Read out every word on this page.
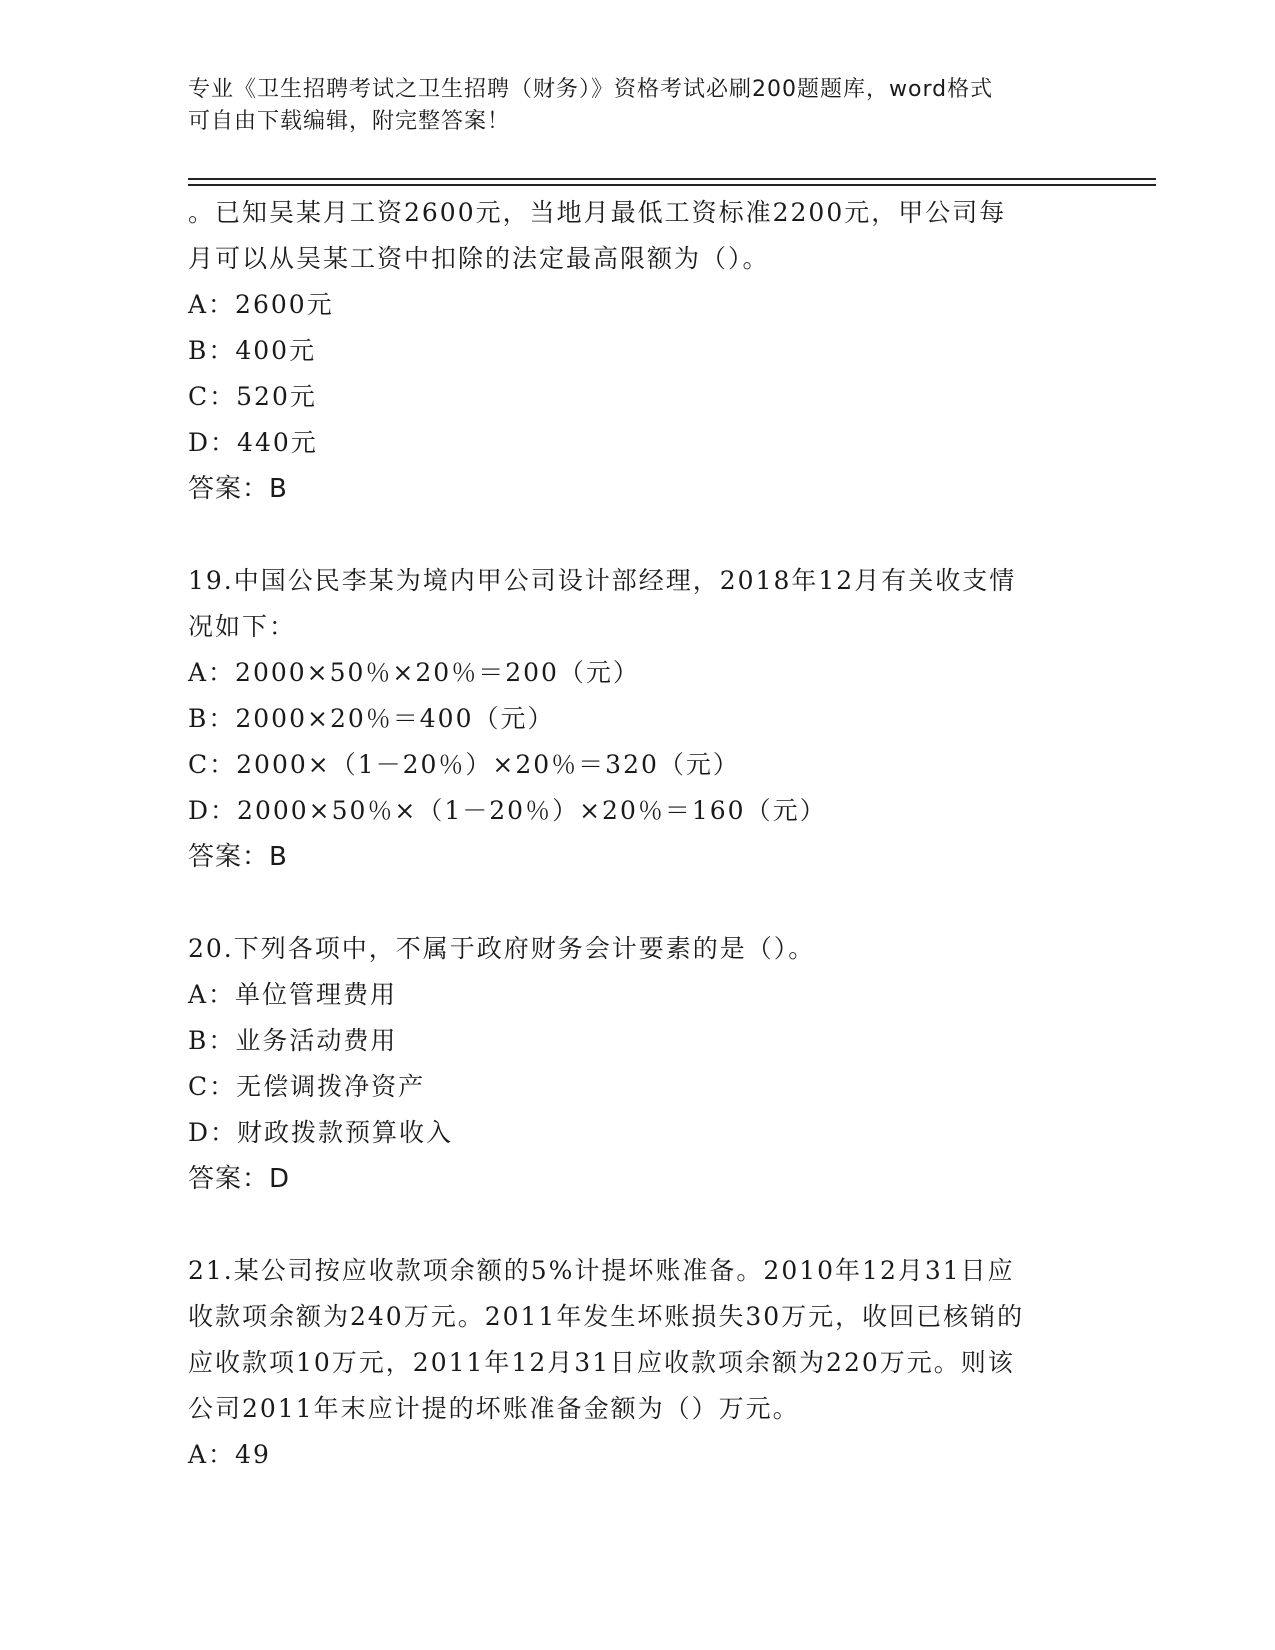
专业《卫生招聘考试之卫生招聘（财务）》资格考试必刷200题题库，word格式
可自由下载编辑，附完整答案！
。已知吴某月工资2600元，当地月最低工资标准2200元，甲公司每
月可以从吴某工资中扣除的法定最高限额为（）。
A：2600元
B：400元
C：520元
D：440元
答案：B
19.中国公民李某为境内甲公司设计部经理，2018年12月有关收支情
况如下：
A：2000×50％×20％＝200（元）
B：2000×20％＝400（元）
C：2000×（1－20％）×20％＝320（元）
D：2000×50％×（1－20％）×20％＝160（元）
答案：B
20.下列各项中，不属于政府财务会计要素的是（）。
A：单位管理费用
B：业务活动费用
C：无偿调拨净资产
D：财政拨款预算收入
答案：D
21.某公司按应收款项余额的5%计提坏账准备。2010年12月31日应
收款项余额为240万元。2011年发生坏账损失30万元，收回已核销的
应收款项10万元，2011年12月31日应收款项余额为220万元。则该
公司2011年末应计提的坏账准备金额为（）万元。
A：49
